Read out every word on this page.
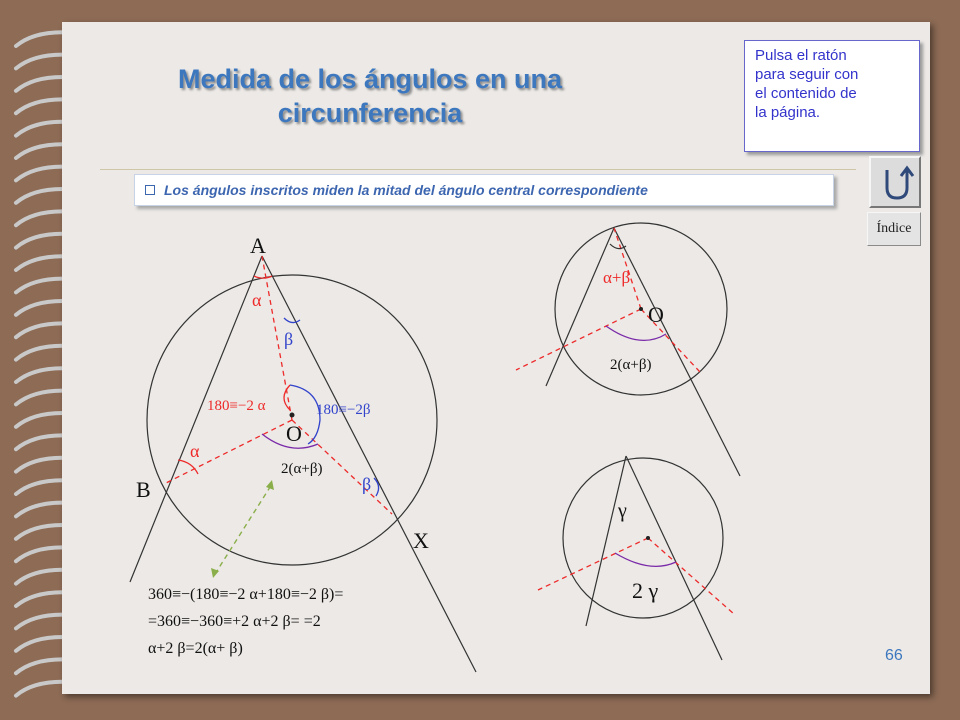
Medida de los ángulos en una
circunferencia
Pulsa el ratón
para seguir con
el contenido de
la página.
Los ángulos inscritos miden la mitad del ángulo central correspondiente
Índice
66
A
B
O
X
α
β
α
β
180≡−2 α	180≡−2β
2(α+β)
360≡−(180≡−2 α+180≡−2 β)=
=360≡−360≡+2 α+2 β= =2
α+2 β=2(α+ β)
α+β
O
2(α+β)
γ
2 γ
